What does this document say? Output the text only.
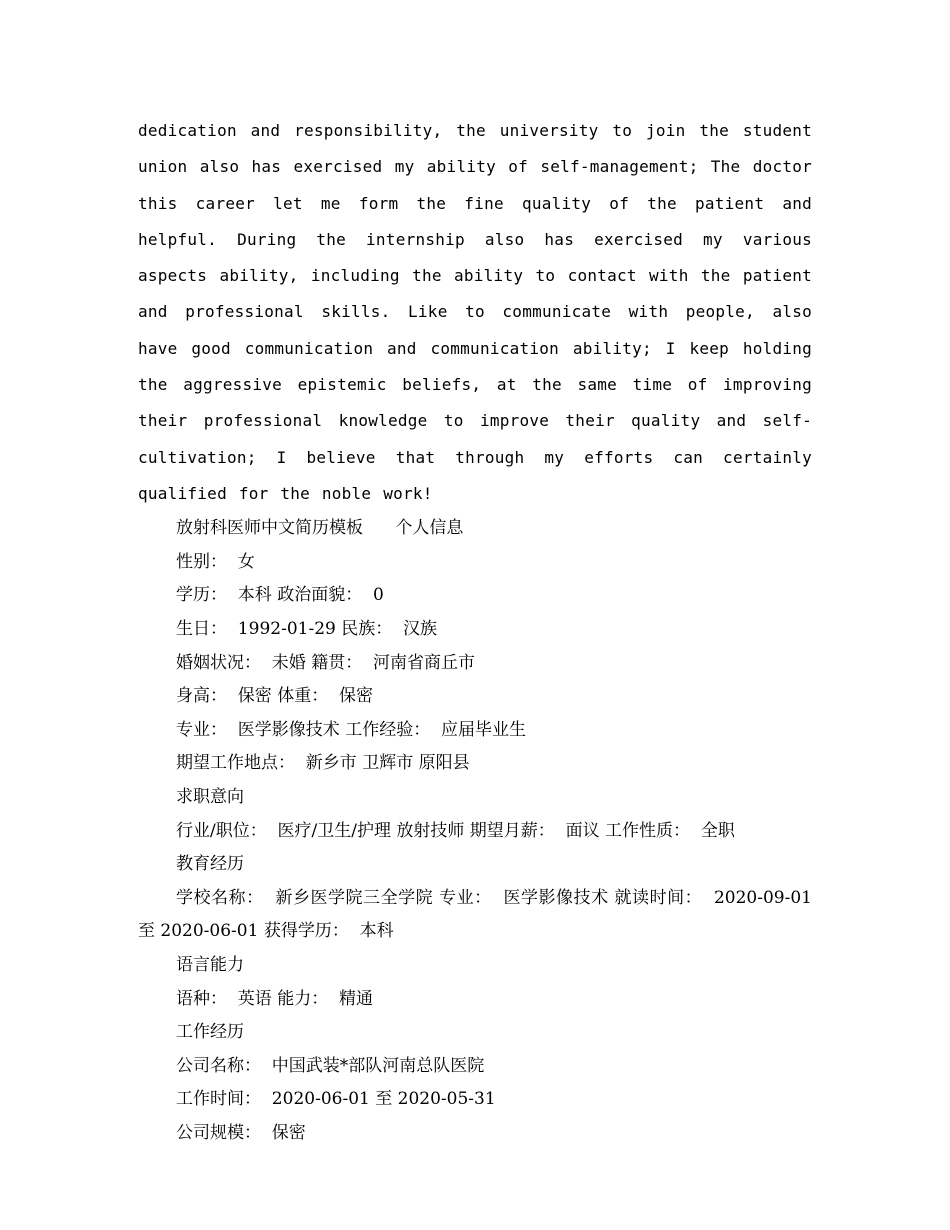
dedication and responsibility, the university to join the student union also has exercised my ability of self-management; The doctor this career let me form the fine quality of the patient and helpful. During the internship also has exercised my various aspects ability, including the ability to contact with the patient and professional skills. Like to communicate with people, also have good communication and communication ability; I keep holding the aggressive epistemic beliefs, at the same time of improving their professional knowledge to improve their quality and self-cultivation; I believe that through my efforts can certainly qualified for the noble work!

放射科医师中文简历模板      个人信息

性别：  女

学历：  本科 政治面貌：  0

生日：  1992-01-29 民族：  汉族

婚姻状况：  未婚 籍贯：  河南省商丘市

身高：  保密 体重：  保密

专业：  医学影像技术 工作经验：  应届毕业生

期望工作地点：  新乡市 卫辉市 原阳县

求职意向

行业/职位：  医疗/卫生/护理 放射技师 期望月薪：  面议 工作性质：  全职

教育经历

学校名称：  新乡医学院三全学院 专业：  医学影像技术 就读时间：  2020-09-01 至 2020-06-01 获得学历：  本科

语言能力

语种：  英语 能力：  精通

工作经历

公司名称：  中国武装*部队河南总队医院

工作时间：  2020-06-01 至 2020-05-31

公司规模：  保密
